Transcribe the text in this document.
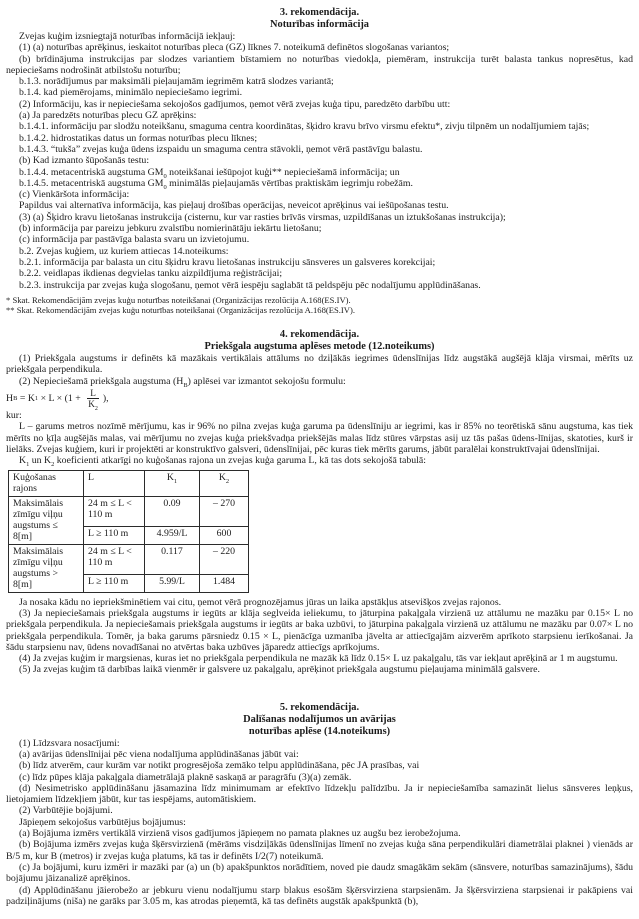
3. rekomendācija.
Noturības informācija
Zvejas kuģim izsniegtajā noturības informācijā iekļauj:
(1) (a) noturības aprēķinus, ieskaitot noturības pleca (GZ) līknes 7. noteikumā definētos slogošanas variantos;
(b) brīdinājuma instrukcijas par slodzes variantiem bīstamiem no noturības viedokļa, piemēram, instrukcija turēt balasta tankus nopresētus, kad nepieciešams nodrošināt atbilstošu noturību;
b.1.3. norādījumus par maksimāli pieļaujamām iegrimēm katrā slodzes variantā;
b.1.4. kad piemērojams, minimālo nepieciešamo iegrimi.
(2) Informāciju, kas ir nepieciešama sekojošos gadījumos, ņemot vērā zvejas kuģa tipu, paredzēto darbību utt:
(a) Ja paredzēts noturības plecu GZ aprēķins:
b.1.4.1. informāciju par slodžu noteikšanu, smaguma centra koordinātas, šķidro kravu brīvo virsmu efektu*, zivju tilpnēm un nodalījumiem tajās;
b.1.4.2. hidrostatikas datus un formas noturības plecu līknes;
b.1.4.3. “tukša” zvejas kuģa ūdens izspaidu un smaguma centra stāvokli, ņemot vērā pastāvīgu balastu.
(b) Kad izmanto šūpošanās testu:
b.1.4.4. metacentriskā augstuma $GM_0$ noteikšanai iešūpojot kuģi** nepieciešamā informācija; un
b.1.4.5. metacentriskā augstuma $GM_0$ minimālās pieļaujamās vērtības praktiskām iegrimju robežām.
(c) Vienkāršota informācija:
Papildus vai alternatīva informācija, kas pieļauj drošības operācijas, neveicot aprēķinus vai iešūpošanas testu.
(3) (a) Šķidro kravu lietošanas instrukcija (cisternu, kur var rasties brīvās virsmas, uzpildīšanas un iztukšošanas instrukcija);
(b) informācija par pareizu jebkuru zvalstību nomierinātāju iekārtu lietošanu;
(c) informācija par pastāvīga balasta svaru un izvietojumu.
b.2. Zvejas kuģiem, uz kuriem attiecas 14.noteikums:
b.2.1. informācija par balasta un citu šķidru kravu lietošanas instrukciju sānsveres un galsveres korekcijai;
b.2.2. veidlapas ikdienas degvielas tanku aizpildījuma reģistrācijai;
b.2.3. instrukcija par zvejas kuģa slogošanu, ņemot vērā iespēju saglabāt tā peldspēju pēc nodalījumu applūdināšanas.
* Skat. Rekomendācijām zvejas kuģu noturības noteikšanai (Organizācijas rezolūcija A.168(ES.IV).
** Skat. Rekomendācijām zvejas kuģu noturības noteikšanai (Organizācijas rezolūcija A.168(ES.IV).
4. rekomendācija.
Priekšgala augstuma aplēses metode (12.noteikums)
(1) Priekšgala augstums ir definēts kā mazākais vertikālais attālums no dziļākās iegrimes ūdenslīnijas līdz augstākā augšējā klāja virsmai, mērīts uz priekšgala perpendikula.
(2) Nepieciešamā priekšgala augstuma $(H_B)$ aplēsei var izmantot sekojošu formulu:
H B = K $1 \times L \times (1 + \frac{L}{K_2}$ ),
kur:
L – garums metros nozīmē mērījumu, kas ir 96% no pilna zvejas kuģa garuma pa ūdenslīniju ar iegrimi, kas ir 85% no teorētiskā sānu augstuma, kas tiek mērīts no ķīļa augšējās malas, vai mērījumu no zvejas kuģa priekšvadņa priekšējās malas līdz stūres vārpstas asij uz tās pašas ūdens-līnijas, skatoties, kurš ir lielāks. Zvejas kuģiem, kuri ir projektēti ar konstruktīvo galsveri, ūdenslīnijai, pēc kuras tiek mērīts garums, jābūt paralēlai konstruktīvajai ūdenslīnijai.
$K_1$ un $K_2$ koeficienti atkarīgi no kuģošanas rajona un zvejas kuģa garuma L, kā tas dots sekojošā tabulā:
Kuģošanas rajons	L	$K_1$	$K_2$
Maksimālais zīmīgu viļņu augstums ≤ 8[m]	24 m ≤ L < 110 m	0.09	– 270
	L ≥ 110 m	4.959/L	600
Maksimālais zīmīgu viļņu augstums > 8[m]	24 m ≤ L < 110 m	0.117	– 220
	L ≥ 110 m	5.99/L	1.484
Ja nosaka kādu no iepriekšminētiem vai citu, ņemot vērā prognozējamus jūras un laika apstākļus atsevišķos zvejas rajonos.
(3) Ja nepieciešamais priekšgala augstums ir iegūts ar klāja seglveida ieliekumu, to jāturpina pakaļgala virzienā uz attālumu ne mazāku par 0.15× L no priekšgala perpendikula. Ja nepieciešamais priekšgala augstums ir iegūts ar baka uzbūvi, to jāturpina pakaļgala virzienā uz attālumu ne mazāku par 0.07× L no priekšgala perpendikula. Tomēr, ja baka garums pārsniedz 0.15 × L, pienācīga uzmanība jāvelta ar attiecīgajām aizverēm aprīkoto starpsienu ierīkošanai. Ja šādu starpsienu nav, ūdens novadīšanai no atvērtas baka uzbūves jāparedz attiecīgs aprīkojums.
(4) Ja zvejas kuģim ir margsienas, kuras iet no priekšgala perpendikula ne mazāk kā līdz 0.15× L uz pakaļgalu, tās var iekļaut aprēķinā ar 1 m augstumu.
(5) Ja zvejas kuģim tā darbības laikā vienmēr ir galsvere uz pakaļgalu, aprēķinot priekšgala augstumu pieļaujama minimālā galsvere.
5. rekomendācija.
Dalīšanas nodalījumos un avārijas
noturības aplēse (14.noteikums)
(1) Līdzsvara nosacījumi:
(a) avārijas ūdenslīnijai pēc viena nodalījuma applūdināšanas jābūt vai:
(b) līdz atverēm, caur kurām var notikt progresējoša zemāko telpu applūdināšana, pēc JA prasības, vai
(c) līdz pūpes klāja pakaļgala diametrālajā plaknē saskaņā ar paragrāfu (3)(a) zemāk.
(d) Nesimetrisko applūdināšanu jāsamazina līdz minimumam ar efektīvo līdzekļu palīdzību. Ja ir nepieciešamība samazināt lielus sānsveres leņķus, lietojamiem līdzekļiem jābūt, kur tas iespējams, automātiskiem.
(2) Varbūtējie bojājumi.
Jāpieņem sekojošus varbūtējus bojājumus:
(a) Bojājuma izmērs vertikālā virzienā visos gadījumos jāpieņem no pamata plaknes uz augšu bez ierobežojuma.
(b) Bojājuma izmērs zvejas kuģa šķērsvirzienā (mērāms visdziļākās ūdenslīnijas līmenī no zvejas kuģa sāna perpendikulāri diametrālai plaknei ) vienāds ar B/5 m, kur B (metros) ir zvejas kuģa platums, kā tas ir definēts I/2(7) noteikumā.
(c) Ja bojājumi, kuru izmēri ir mazāki par (a) un (b) apakšpunktos norādītiem, noved pie daudz smagākām sekām (sānsvere, noturības samazinājums), šādu bojājumu jāizanalizē aprēķinos.
(d) Applūdināšanu jāierobežo ar jebkuru vienu nodalījumu starp blakus esošām šķērsvirziena starpsienām. Ja šķērsvirziena starpsienai ir pakāpiens vai padziļinājums (niša) ne garāks par 3.05 m, kas atrodas pieņemtā, kā tas definēts augstāk apakšpunktā (b),
